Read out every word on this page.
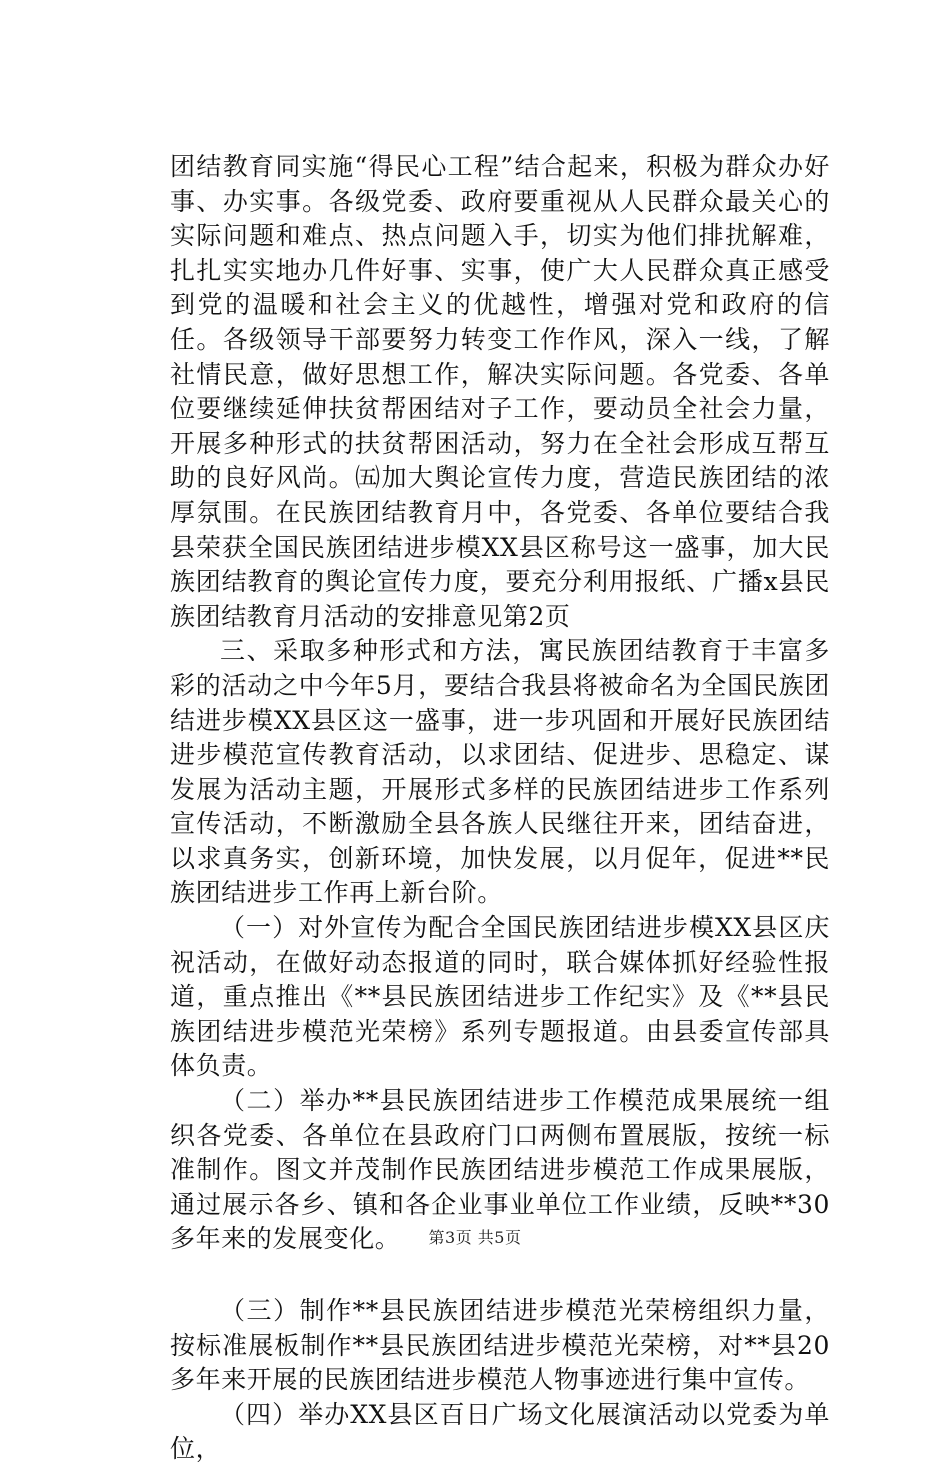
团结教育同实施“得民心工程”结合起来，积极为群众办好事、办实事。各级党委、政府要重视从人民群众最关心的实际问题和难点、热点问题入手，切实为他们排扰解难，扎扎实实地办几件好事、实事，使广大人民群众真正感受到党的温暖和社会主义的优越性，增强对党和政府的信任。各级领导干部要努力转变工作作风，深入一线，了解社情民意，做好思想工作，解决实际问题。各党委、各单位要继续延伸扶贫帮困结对子工作，要动员全社会力量，开展多种形式的扶贫帮困活动，努力在全社会形成互帮互助的良好风尚。㈤加大舆论宣传力度，营造民族团结的浓厚氛围。在民族团结教育月中，各党委、各单位要结合我县荣获全国民族团结进步模XX县区称号这一盛事，加大民族团结教育的舆论宣传力度，要充分利用报纸、广播x县民族团结教育月活动的安排意见第2页

三、采取多种形式和方法，寓民族团结教育于丰富多彩的活动之中今年5月，要结合我县将被命名为全国民族团结进步模XX县区这一盛事，进一步巩固和开展好民族团结进步模范宣传教育活动，以求团结、促进步、思稳定、谋发展为活动主题，开展形式多样的民族团结进步工作系列宣传活动，不断激励全县各族人民继往开来，团结奋进，以求真务实，创新环境，加快发展，以月促年，促进**民族团结进步工作再上新台阶。

（一）对外宣传为配合全国民族团结进步模XX县区庆祝活动，在做好动态报道的同时，联合媒体抓好经验性报道，重点推出《**县民族团结进步工作纪实》及《**县民族团结进步模范光荣榜》系列专题报道。由县委宣传部具体负责。

（二）举办**县民族团结进步工作模范成果展统一组织各党委、各单位在县政府门口两侧布置展版，按统一标准制作。图文并茂制作民族团结进步模范工作成果展版，通过展示各乡、镇和各企业事业单位工作业绩，反映**30多年来的发展变化。

（三）制作**县民族团结进步模范光荣榜组织力量，按标准展板制作**县民族团结进步模范光荣榜，对**县20多年来开展的民族团结进步模范人物事迹进行集中宣传。

（四）举办XX县区百日广场文化展演活动以党委为单位，

第3页 共5页
